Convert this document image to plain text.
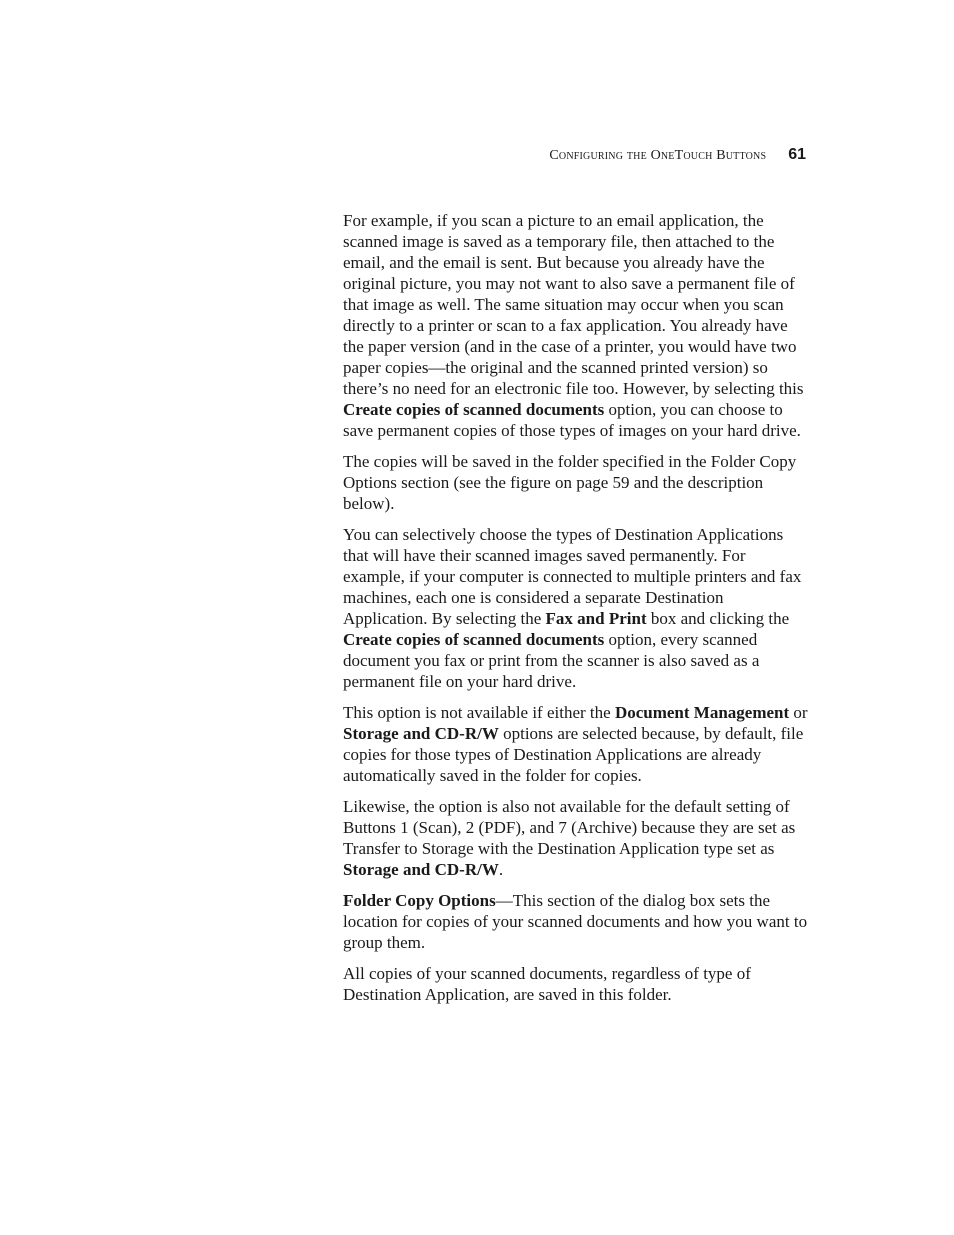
Configuring the OneTouch Buttons 61

For example, if you scan a picture to an email application, the scanned image is saved as a temporary file, then attached to the email, and the email is sent. But because you already have the original picture, you may not want to also save a permanent file of that image as well. The same situation may occur when you scan directly to a printer or scan to a fax application. You already have the paper version (and in the case of a printer, you would have two paper copies—the original and the scanned printed version) so there’s no need for an electronic file too. However, by selecting this Create copies of scanned documents option, you can choose to save permanent copies of those types of images on your hard drive.

The copies will be saved in the folder specified in the Folder Copy Options section (see the figure on page 59 and the description below).

You can selectively choose the types of Destination Applications that will have their scanned images saved permanently. For example, if your computer is connected to multiple printers and fax machines, each one is considered a separate Destination Application. By selecting the Fax and Print box and clicking the Create copies of scanned documents option, every scanned document you fax or print from the scanner is also saved as a permanent file on your hard drive.

This option is not available if either the Document Management or Storage and CD-R/W options are selected because, by default, file copies for those types of Destination Applications are already automatically saved in the folder for copies.

Likewise, the option is also not available for the default setting of Buttons 1 (Scan), 2 (PDF), and 7 (Archive) because they are set as Transfer to Storage with the Destination Application type set as Storage and CD-R/W.

Folder Copy Options—This section of the dialog box sets the location for copies of your scanned documents and how you want to group them.

All copies of your scanned documents, regardless of type of Destination Application, are saved in this folder.
